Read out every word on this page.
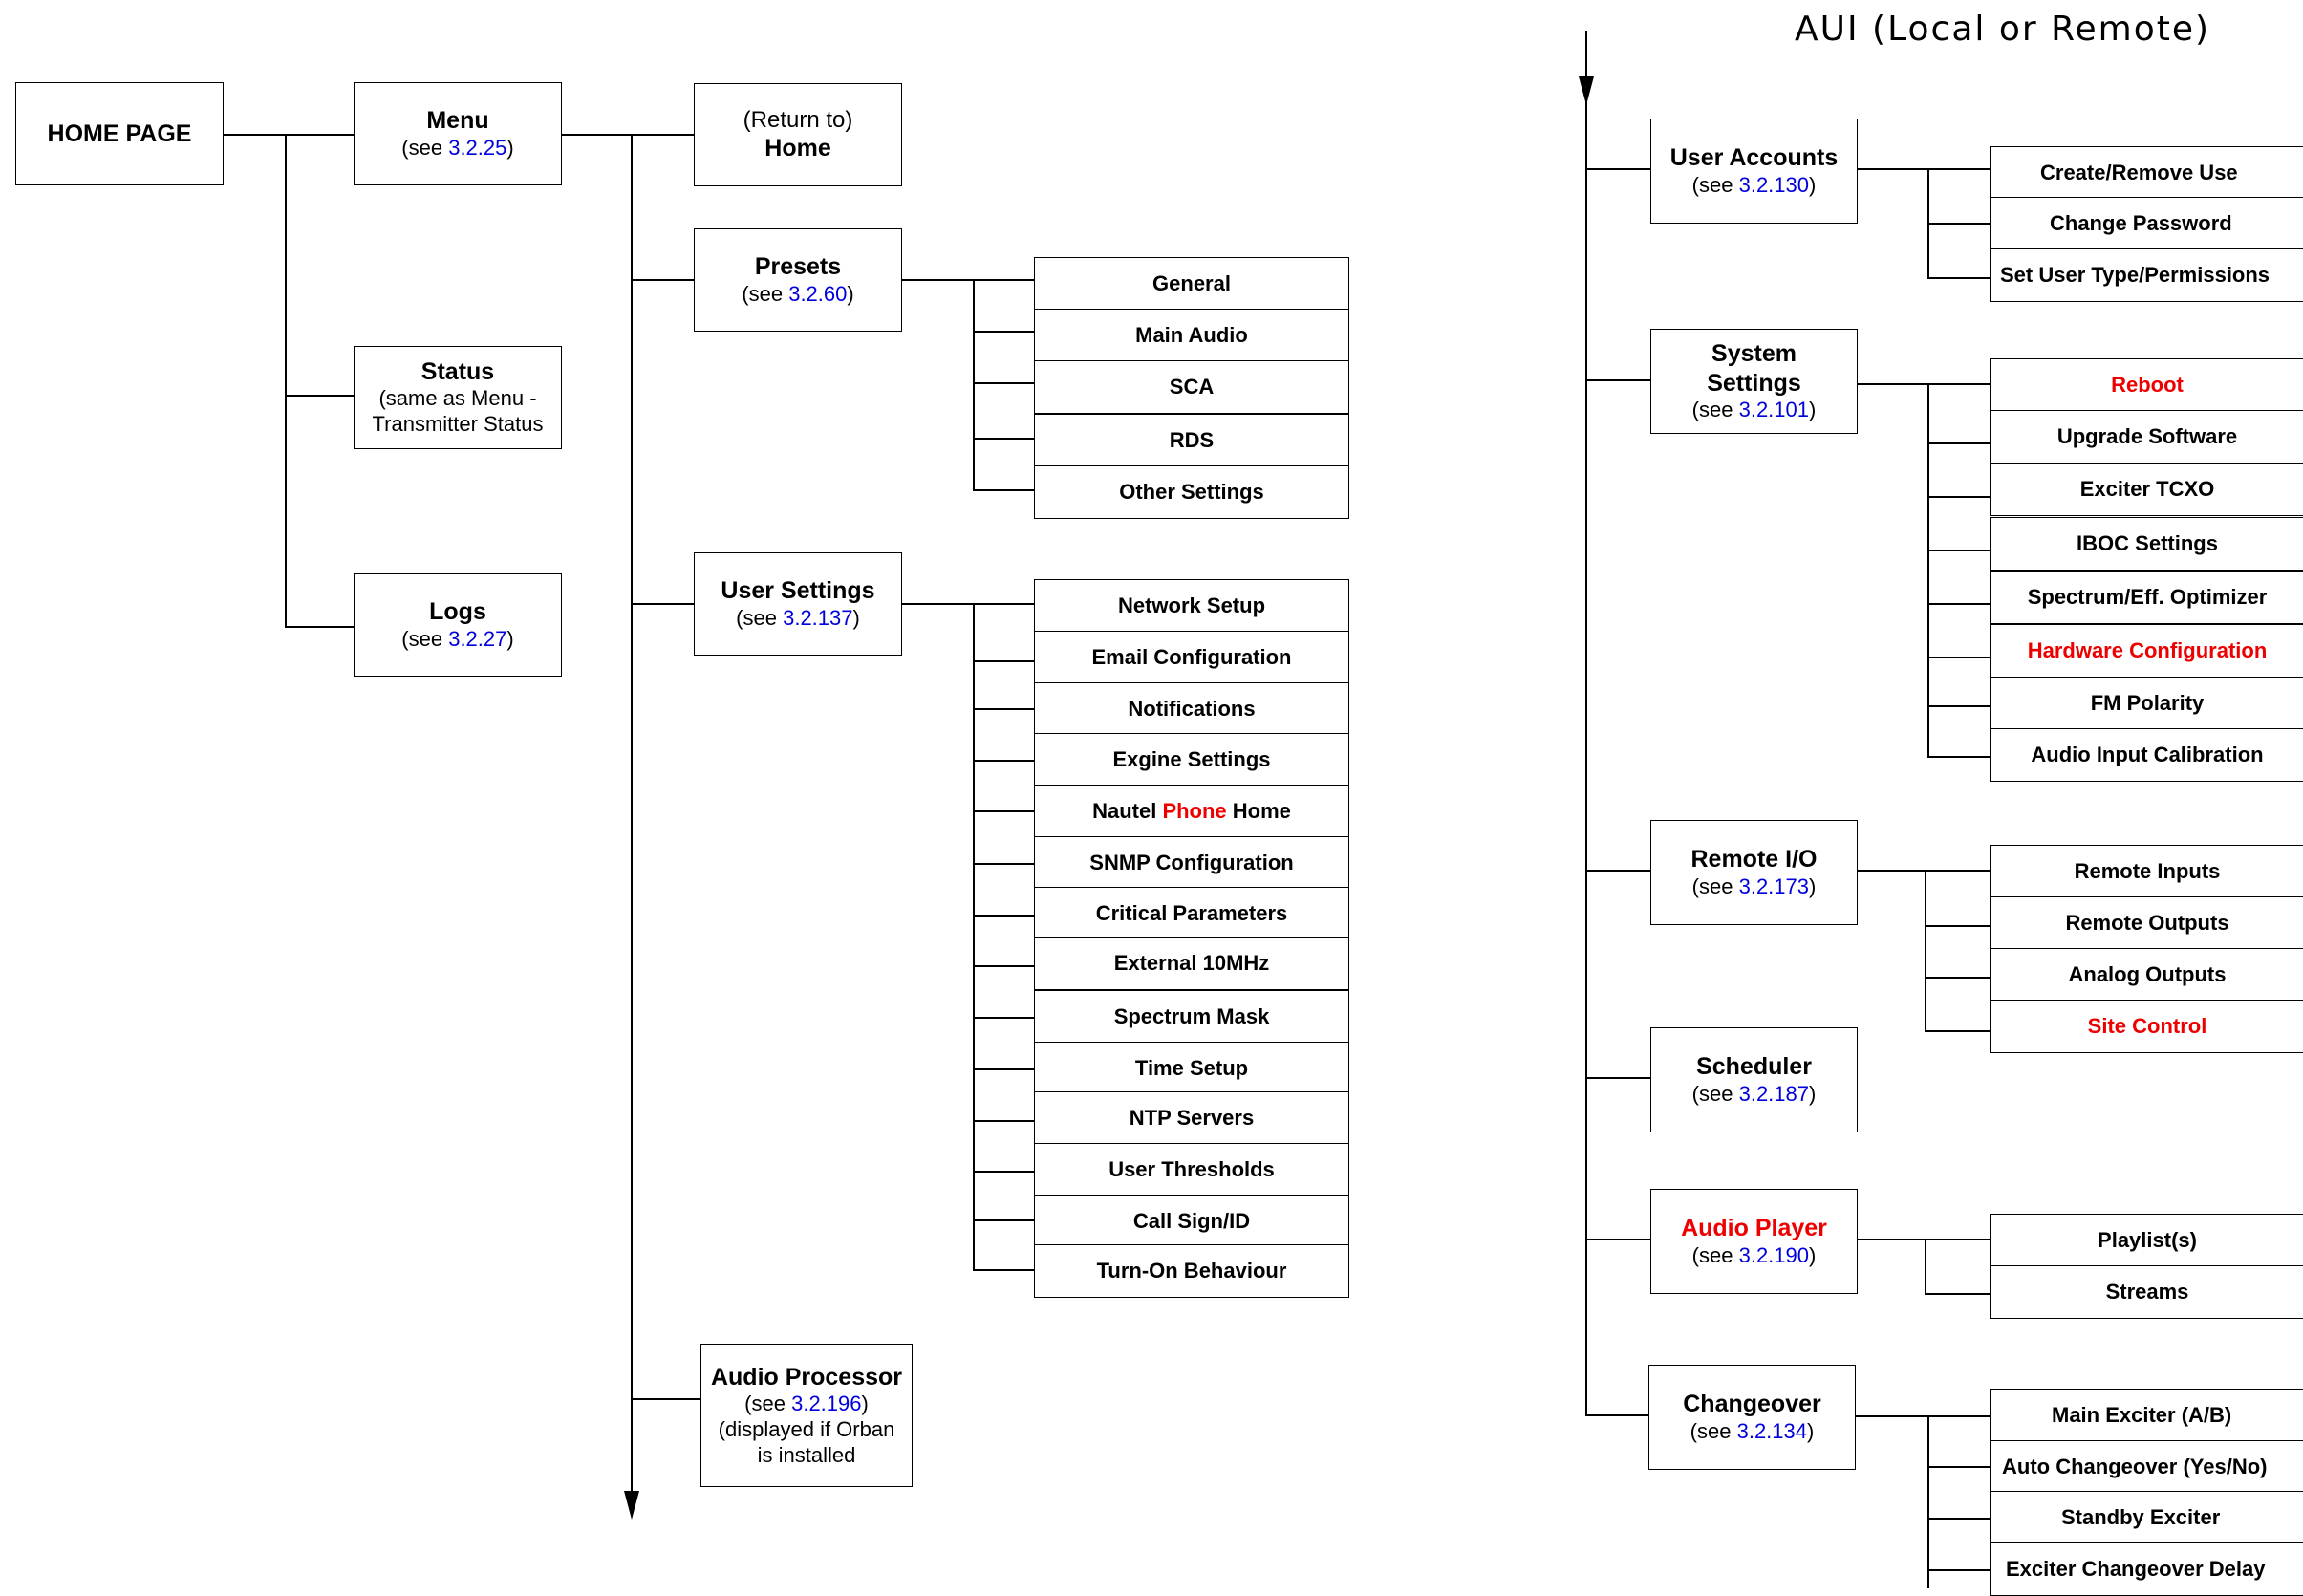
HOME PAGE	Menu
(see 3.2.25)
Status
(same as Menu -
Transmitter Status
Logs
(see 3.2.27)
(Return to)
Home
Presets
(see 3.2.60)
User Settings
(see 3.2.137)
Audio Processor
(see 3.2.196)
(displayed if Orban
is installed
General
Main Audio
SCA
RDS
Other Settings
Network Setup
Email Configuration
Notifications
Exgine Settings
Nautel Phone Home
SNMP Configuration
Critical Parameters
External 10MHz
Spectrum Mask
Time Setup
NTP Servers
User Thresholds
Call Sign/ID
Turn-On Behaviour
AUI (Local or Remote)
User Accounts
(see 3.2.130)
System
Settings
(see 3.2.101)
Remote I/O
(see 3.2.173)
Scheduler
(see 3.2.187)
Audio Player
(see 3.2.190)
Changeover
(see 3.2.134)
Create/Remove Use
Change Password
Set User Type/Permissions
Reboot
Upgrade Software
Exciter TCXO
IBOC Settings
Spectrum/Eff. Optimizer
Hardware Configuration
FM Polarity
Audio Input Calibration
Remote Inputs
Remote Outputs
Analog Outputs
Site Control
Playlist(s)
Streams
Main Exciter (A/B)
Auto Changeover (Yes/No)
Standby Exciter
Exciter Changeover Delay
